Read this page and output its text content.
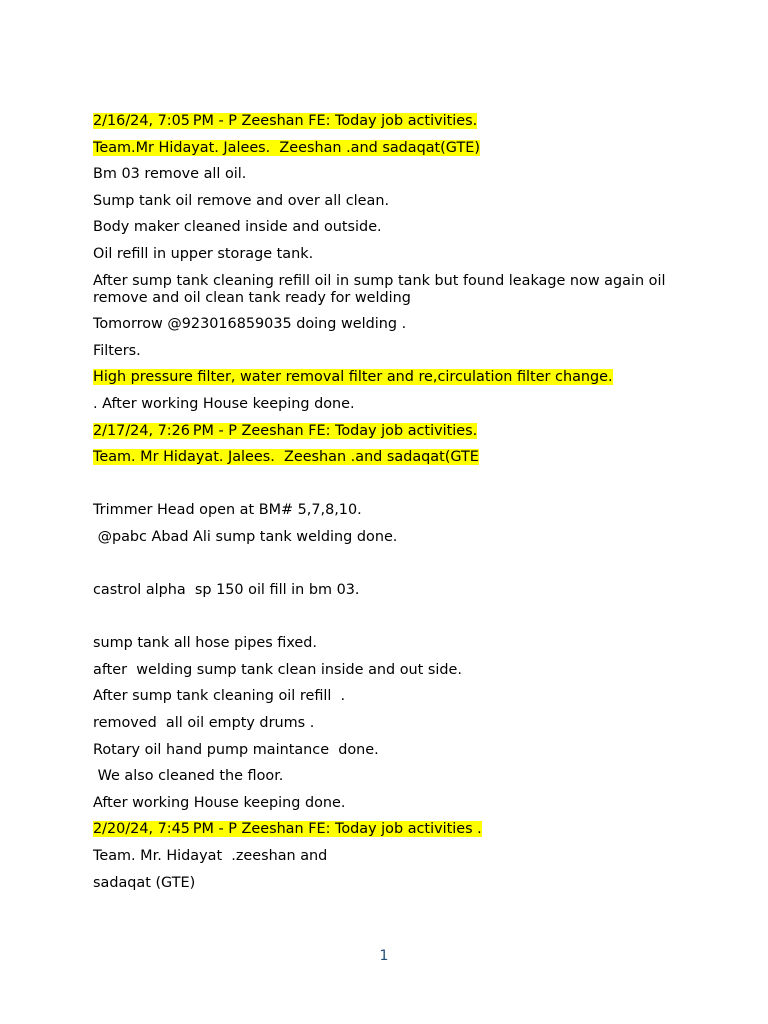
2/16/24, 7:05 PM - P Zeeshan FE: Today job activities.

Team.Mr Hidayat. Jalees.  Zeeshan .and sadaqat(GTE)

Bm 03 remove all oil.

Sump tank oil remove and over all clean.

Body maker cleaned inside and outside.

Oil refill in upper storage tank.

After sump tank cleaning refill oil in sump tank but found leakage now again oil remove and oil clean tank ready for welding

Tomorrow @923016859035 doing welding .

Filters.

High pressure filter, water removal filter and re,circulation filter change.

. After working House keeping done.

2/17/24, 7:26 PM - P Zeeshan FE: Today job activities.

Team. Mr Hidayat. Jalees.  Zeeshan .and sadaqat(GTE

Trimmer Head open at BM# 5,7,8,10.

@pabc Abad Ali sump tank welding done.

castrol alpha  sp 150 oil fill in bm 03.

sump tank all hose pipes fixed.

after  welding sump tank clean inside and out side.

After sump tank cleaning oil refill  .

removed  all oil empty drums .

Rotary oil hand pump maintance  done.

We also cleaned the floor.

After working House keeping done.

2/20/24, 7:45 PM - P Zeeshan FE: Today job activities .

Team. Mr. Hidayat  .zeeshan and

sadaqat (GTE)

1
